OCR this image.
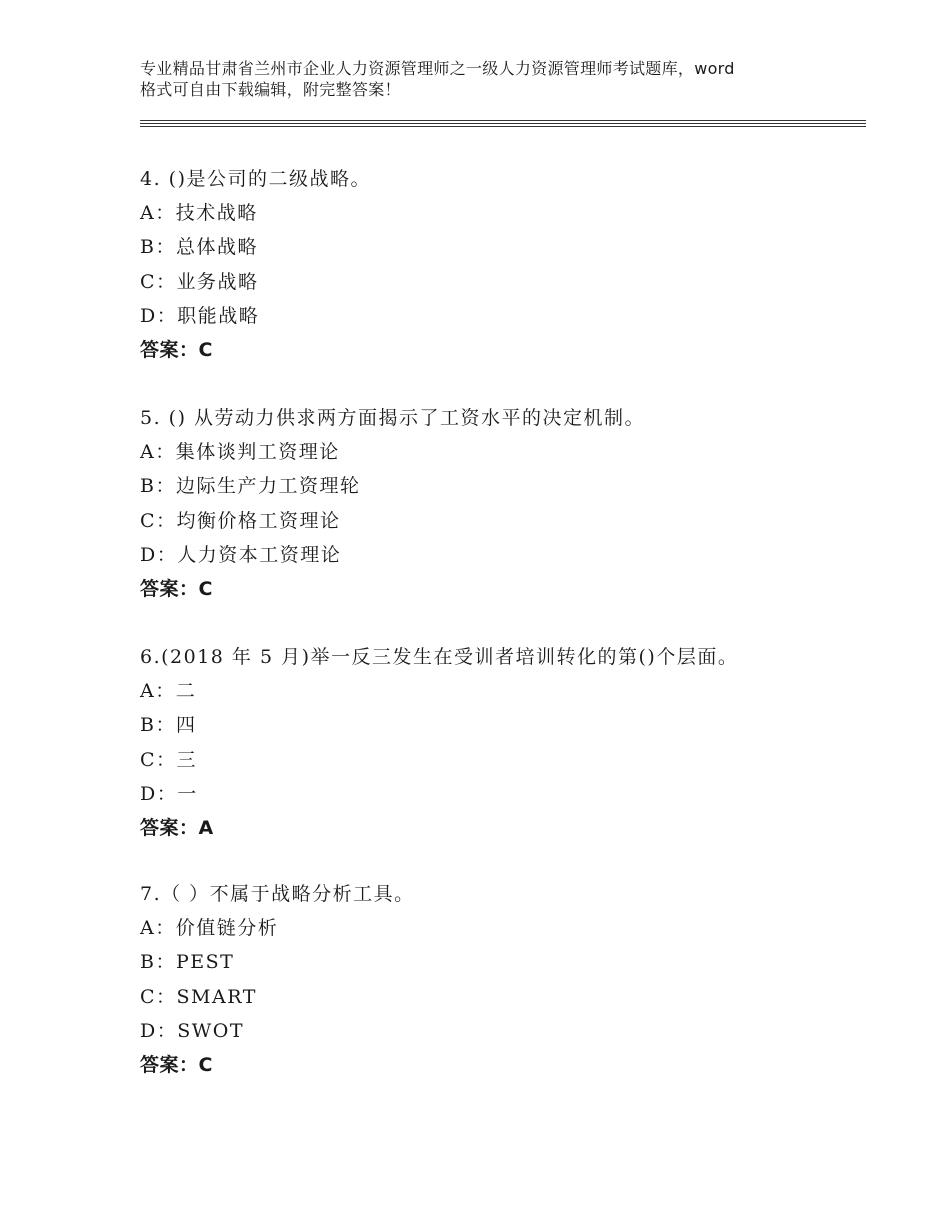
专业精品甘肃省兰州市企业人力资源管理师之一级人力资源管理师考试题库，word
格式可自由下载编辑，附完整答案！
4. ()是公司的二级战略。
A：技术战略
B：总体战略
C：业务战略
D：职能战略
答案：C
5. () 从劳动力供求两方面揭示了工资水平的决定机制。
A：集体谈判工资理论
B：边际生产力工资理轮
C：均衡价格工资理论
D：人力资本工资理论
答案：C
6.(2018 年 5 月)举一反三发生在受训者培训转化的第()个层面。
A：二
B：四
C：三
D：一
答案：A
7.（ ）不属于战略分析工具。
A：价值链分析
B：PEST
C：SMART
D：SWOT
答案：C
